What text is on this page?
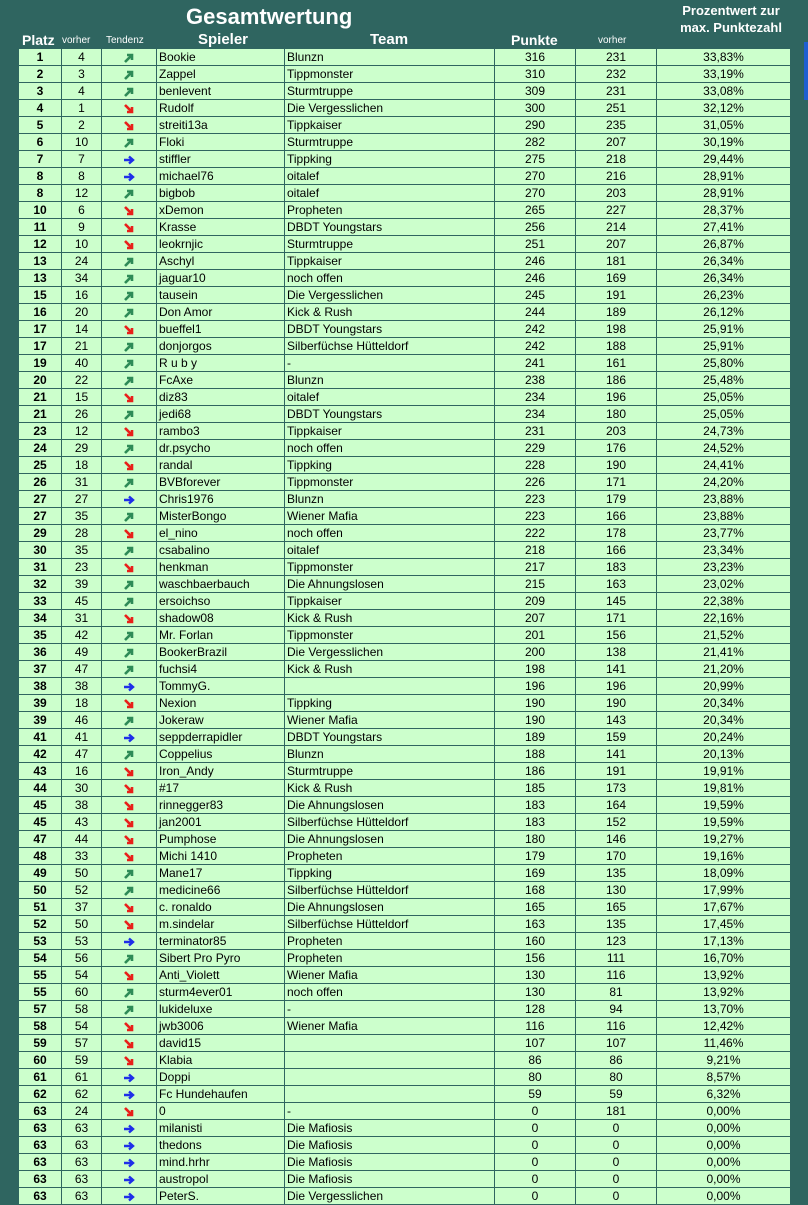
Gesamtwertung	Prozentwert zur
max. Punktezahl
Platz vorher Tendenz	Spieler	Team	Punkte	vorher
1	4		Bookie	Blunzn	316	231	33,83%
2	3		Zappel	Tippmonster	310	232	33,19%
3	4		benlevent	Sturmtruppe	309	231	33,08%
4	1		Rudolf	Die Vergesslichen	300	251	32,12%
5	2		streiti13a	Tippkaiser	290	235	31,05%
6	10		Floki	Sturmtruppe	282	207	30,19%
7	7		stiffler	Tippking	275	218	29,44%
8	8		michael76	oitalef	270	216	28,91%
8	12		bigbob	oitalef	270	203	28,91%
10	6		xDemon	Propheten	265	227	28,37%
11	9		Krasse	DBDT Youngstars	256	214	27,41%
12	10		leokrnjic	Sturmtruppe	251	207	26,87%
13	24		Aschyl	Tippkaiser	246	181	26,34%
13	34		jaguar10	noch offen	246	169	26,34%
15	16		tausein	Die Vergesslichen	245	191	26,23%
16	20		Don Amor	Kick & Rush	244	189	26,12%
17	14		bueffel1	DBDT Youngstars	242	198	25,91%
17	21		donjorgos	Silberfüchse Hütteldorf	242	188	25,91%
19	40		R u b y	-	241	161	25,80%
20	22		FcAxe	Blunzn	238	186	25,48%
21	15		diz83	oitalef	234	196	25,05%
21	26		jedi68	DBDT Youngstars	234	180	25,05%
23	12		rambo3	Tippkaiser	231	203	24,73%
24	29		dr.psycho	noch offen	229	176	24,52%
25	18		randal	Tippking	228	190	24,41%
26	31		BVBforever	Tippmonster	226	171	24,20%
27	27		Chris1976	Blunzn	223	179	23,88%
27	35		MisterBongo	Wiener Mafia	223	166	23,88%
29	28		el_nino	noch offen	222	178	23,77%
30	35		csabalino	oitalef	218	166	23,34%
31	23		henkman	Tippmonster	217	183	23,23%
32	39		waschbaerbauch	Die Ahnungslosen	215	163	23,02%
33	45		ersoichso	Tippkaiser	209	145	22,38%
34	31		shadow08	Kick & Rush	207	171	22,16%
35	42		Mr. Forlan	Tippmonster	201	156	21,52%
36	49		BookerBrazil	Die Vergesslichen	200	138	21,41%
37	47		fuchsi4	Kick & Rush	198	141	21,20%
38	38		TommyG.		196	196	20,99%
39	18		Nexion	Tippking	190	190	20,34%
39	46		Jokeraw	Wiener Mafia	190	143	20,34%
41	41		seppderrapidler	DBDT Youngstars	189	159	20,24%
42	47		Coppelius	Blunzn	188	141	20,13%
43	16		Iron_Andy	Sturmtruppe	186	191	19,91%
44	30		#17	Kick & Rush	185	173	19,81%
45	38		rinnegger83	Die Ahnungslosen	183	164	19,59%
45	43		jan2001	Silberfüchse Hütteldorf	183	152	19,59%
47	44		Pumphose	Die Ahnungslosen	180	146	19,27%
48	33		Michi 1410	Propheten	179	170	19,16%
49	50		Mane17	Tippking	169	135	18,09%
50	52		medicine66	Silberfüchse Hütteldorf	168	130	17,99%
51	37		c. ronaldo	Die Ahnungslosen	165	165	17,67%
52	50		m.sindelar	Silberfüchse Hütteldorf	163	135	17,45%
53	53		terminator85	Propheten	160	123	17,13%
54	56		Sibert Pro Pyro	Propheten	156	111	16,70%
55	54		Anti_Violett	Wiener Mafia	130	116	13,92%
55	60		sturm4ever01	noch offen	130	81	13,92%
57	58		lukideluxe	-	128	94	13,70%
58	54		jwb3006	Wiener Mafia	116	116	12,42%
59	57		david15		107	107	11,46%
60	59		Klabia		86	86	9,21%
61	61		Doppi		80	80	8,57%
62	62		Fc Hundehaufen		59	59	6,32%
63	24		0	-	0	181	0,00%
63	63		milanisti	Die Mafiosis	0	0	0,00%
63	63		thedons	Die Mafiosis	0	0	0,00%
63	63		mind.hrhr	Die Mafiosis	0	0	0,00%
63	63		austropol	Die Mafiosis	0	0	0,00%
63	63		PeterS.	Die Vergesslichen	0	0	0,00%
